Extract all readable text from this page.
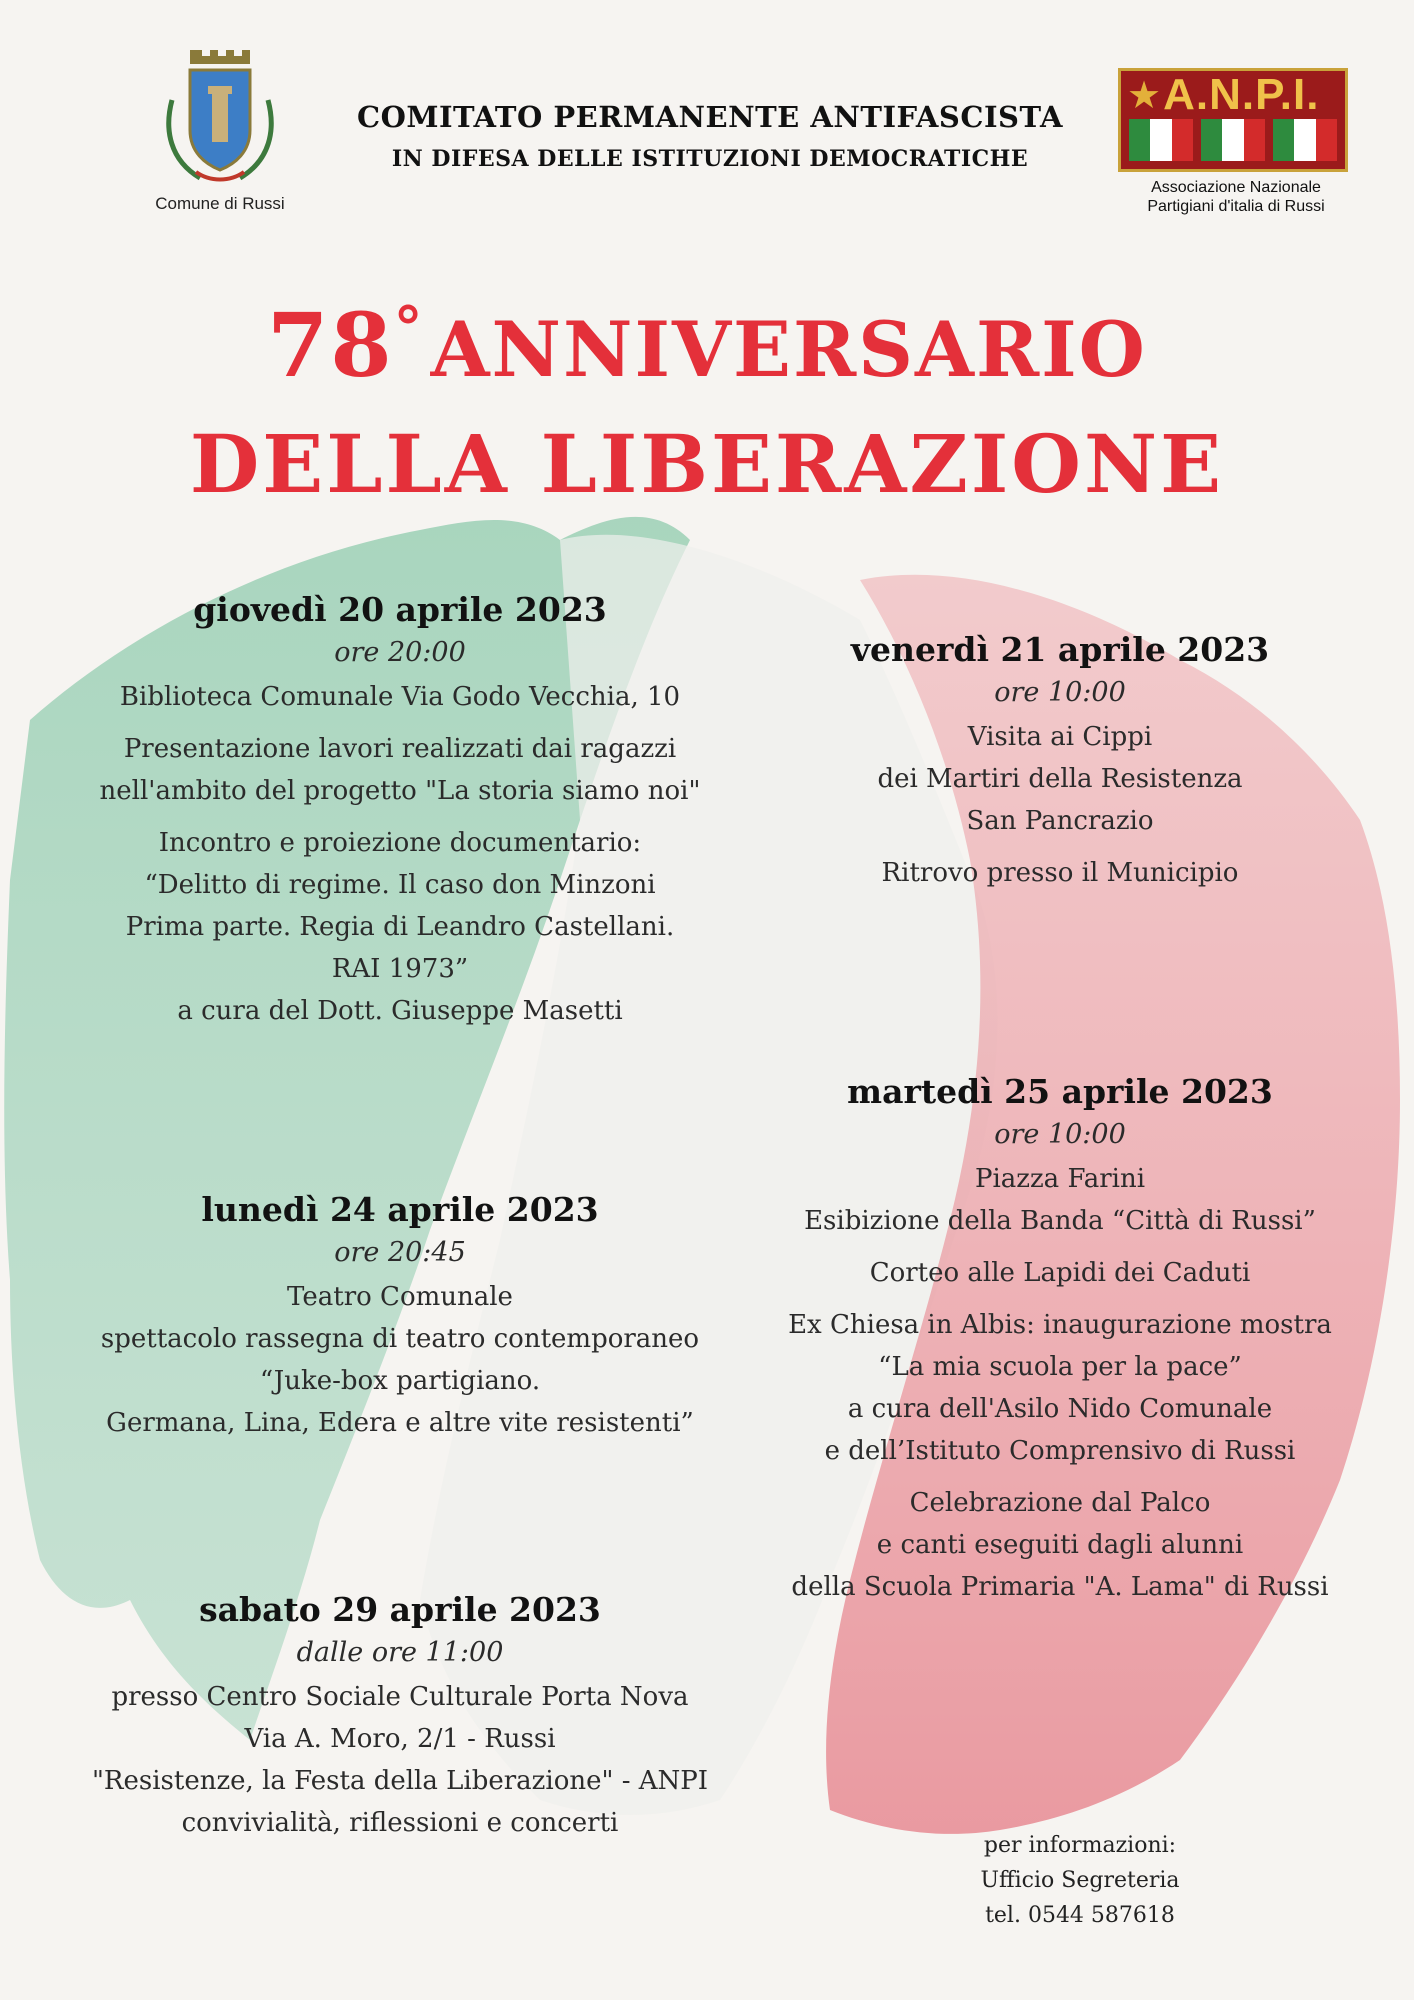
Comune di Russi
COMITATO PERMANENTE ANTIFASCISTA
IN DIFESA DELLE ISTITUZIONI DEMOCRATICHE
★ A.N.P.I.
Associazione Nazionale
Partigiani d'italia di Russi
78°ANNIVERSARIO
DELLA LIBERAZIONE
giovedì 20 aprile 2023
ore 20:00

Biblioteca Comunale Via Godo Vecchia, 10

Presentazione lavori realizzati dai ragazzi

nell'ambito del progetto "La storia siamo noi"

Incontro e proiezione documentario:

“Delitto di regime. Il caso don Minzoni

Prima parte. Regia di Leandro Castellani.

RAI 1973”

a cura del Dott. Giuseppe Masetti

lunedì 24 aprile 2023
ore 20:45

Teatro Comunale

spettacolo rassegna di teatro contemporaneo

“Juke-box partigiano.

Germana, Lina, Edera e altre vite resistenti”

sabato 29 aprile 2023
dalle ore 11:00

presso Centro Sociale Culturale Porta Nova

Via A. Moro, 2/1 - Russi

"Resistenze, la Festa della Liberazione" - ANPI

convivialità, riflessioni e concerti

venerdì 21 aprile 2023
ore 10:00

Visita ai Cippi

dei Martiri della Resistenza

San Pancrazio

Ritrovo presso il Municipio

martedì 25 aprile 2023
ore 10:00

Piazza Farini

Esibizione della Banda “Città di Russi”

Corteo alle Lapidi dei Caduti

Ex Chiesa in Albis: inaugurazione mostra

“La mia scuola per la pace”

a cura dell'Asilo Nido Comunale

e dell’Istituto Comprensivo di Russi

Celebrazione dal Palco

e canti eseguiti dagli alunni

della Scuola Primaria "A. Lama" di Russi

per informazioni:
Ufficio Segreteria
tel. 0544 587618
